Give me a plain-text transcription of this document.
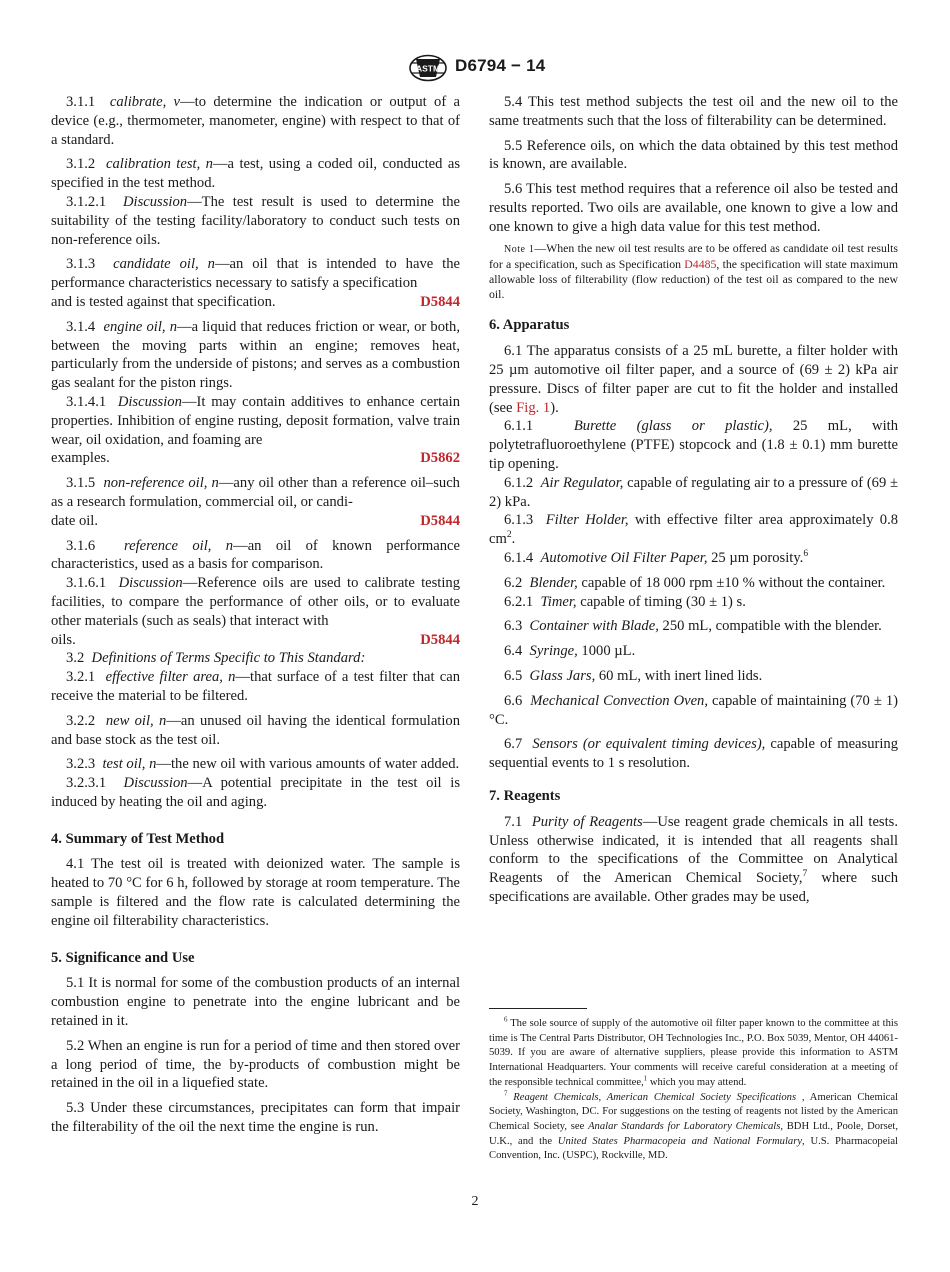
ASTM D6794 − 14

3.1.1 calibrate, v—to determine the indication or output of a device (e.g., thermometer, manometer, engine) with respect to that of a standard.

3.1.2 calibration test, n—a test, using a coded oil, conducted as specified in the test method.

3.1.2.1 Discussion—The test result is used to determine the suitability of the testing facility/laboratory to conduct such tests on non-reference oils.

3.1.3 candidate oil, n—an oil that is intended to have the performance characteristics necessary to satisfy a specification

and is tested against that specification.	D5844

3.1.4 engine oil, n—a liquid that reduces friction or wear, or both, between the moving parts within an engine; removes heat, particularly from the underside of pistons; and serves as a combustion gas sealant for the piston rings.

3.1.4.1 Discussion—It may contain additives to enhance certain properties. Inhibition of engine rusting, deposit formation, valve train wear, oil oxidation, and foaming are

examples.	D5862

3.1.5 non-reference oil, n—any oil other than a reference oil–such as a research formulation, commercial oil, or candi-

date oil.	D5844

3.1.6 reference oil, n—an oil of known performance characteristics, used as a basis for comparison.

3.1.6.1 Discussion—Reference oils are used to calibrate testing facilities, to compare the performance of other oils, or to evaluate other materials (such as seals) that interact with

oils.	D5844

3.2 Definitions of Terms Specific to This Standard:

3.2.1 effective filter area, n—that surface of a test filter that can receive the material to be filtered.

3.2.2 new oil, n—an unused oil having the identical formulation and base stock as the test oil.

3.2.3 test oil, n—the new oil with various amounts of water added.

3.2.3.1 Discussion—A potential precipitate in the test oil is induced by heating the oil and aging.

4. Summary of Test Method

4.1 The test oil is treated with deionized water. The sample is heated to 70 °C for 6 h, followed by storage at room temperature. The sample is filtered and the flow rate is calculated determining the engine oil filterability characteristics.

5. Significance and Use

5.1 It is normal for some of the combustion products of an internal combustion engine to penetrate into the engine lubricant and be retained in it.

5.2 When an engine is run for a period of time and then stored over a long period of time, the by-products of combustion might be retained in the oil in a liquefied state.

5.3 Under these circumstances, precipitates can form that impair the filterability of the oil the next time the engine is run.

5.4 This test method subjects the test oil and the new oil to the same treatments such that the loss of filterability can be determined.

5.5 Reference oils, on which the data obtained by this test method is known, are available.

5.6 This test method requires that a reference oil also be tested and results reported. Two oils are available, one known to give a low and one known to give a high data value for this test method.

Note 1—When the new oil test results are to be offered as candidate oil test results for a specification, such as Specification D4485, the specification will state maximum allowable loss of filterability (flow reduction) of the test oil as compared to the new oil.

6. Apparatus

6.1 The apparatus consists of a 25 mL burette, a filter holder with 25 µm automotive oil filter paper, and a source of (69 ± 2) kPa air pressure. Discs of filter paper are cut to fit the holder and installed (see Fig. 1).

6.1.1	Burette (glass or plastic), 25 mL, with polytetrafluoroethylene (PTFE) stopcock and (1.8 ± 0.1) mm burette tip opening.

6.1.2 Air Regulator, capable of regulating air to a pressure of (69 ± 2) kPa.

6.1.3 Filter Holder, with effective filter area approximately 0.8 $cm^2$.

6.1.4 Automotive Oil Filter Paper, 25 µm porosity.$^6$

6.2 Blender, capable of 18 000 rpm ±10 % without the container.

6.2.1 Timer, capable of timing (30 ± 1) s.

6.3 Container with Blade, 250 mL, compatible with the blender.

6.4 Syringe, 1000 µL.

6.5 Glass Jars, 60 mL, with inert lined lids.

6.6 Mechanical Convection Oven, capable of maintaining (70 ± 1) °C.

6.7 Sensors (or equivalent timing devices), capable of measuring sequential events to 1 s resolution.

7. Reagents

7.1 Purity of Reagents—Use reagent grade chemicals in all tests. Unless otherwise indicated, it is intended that all reagents shall conform to the specifications of the Committee on Analytical Reagents of the American Chemical Society,$^7$ where such specifications are available. Other grades may be used,

$^6$ The sole source of supply of the automotive oil filter paper known to the committee at this time is The Central Parts Distributor, OH Technologies Inc., P.O. Box 5039, Mentor, OH 44061-5039. If you are aware of alternative suppliers, please provide this information to ASTM International Headquarters. Your comments will receive careful consideration at a meeting of the responsible technical committee,$^1$ which you may attend.

$^7$ Reagent Chemicals, American Chemical Society Specifications , American Chemical Society, Washington, DC. For suggestions on the testing of reagents not listed by the American Chemical Society, see Analar Standards for Laboratory Chemicals, BDH Ltd., Poole, Dorset, U.K., and the United States Pharmacopeia and National Formulary, U.S. Pharmacopeial Convention, Inc. (USPC), Rockville, MD.

2
